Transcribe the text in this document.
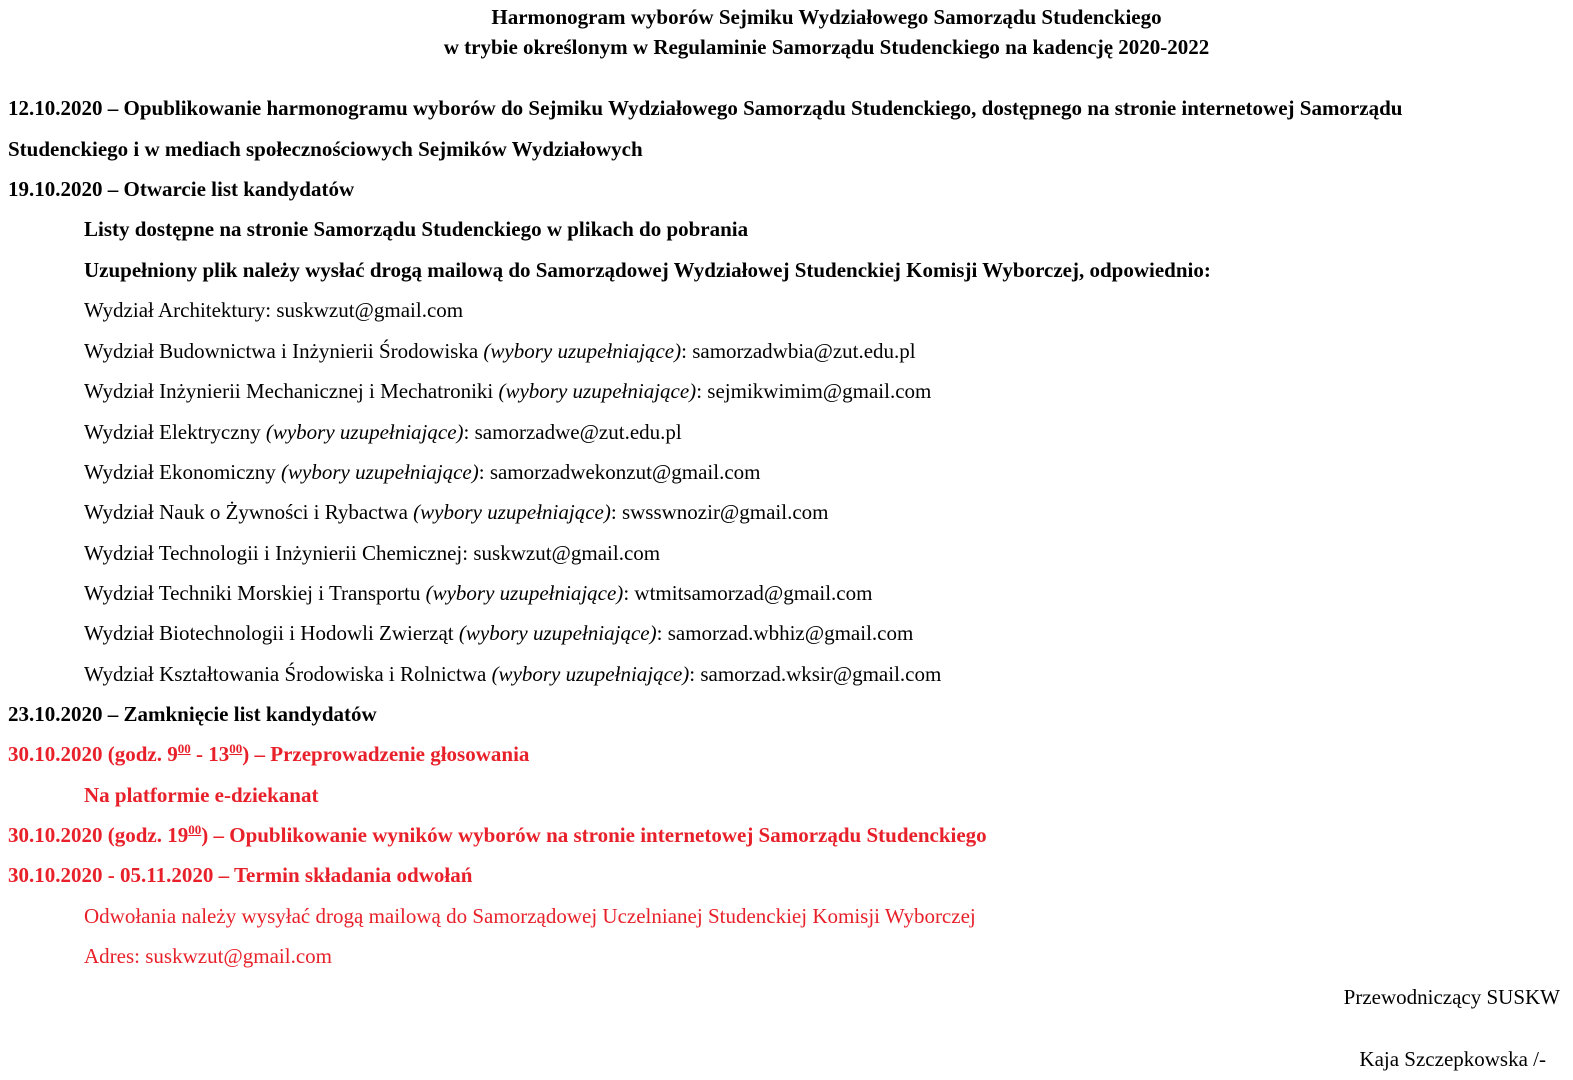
Harmonogram wyborów Sejmiku Wydziałowego Samorządu Studenckiego
w trybie określonym w Regulaminie Samorządu Studenckiego na kadencję 2020-2022
12.10.2020 – Opublikowanie harmonogramu wyborów do Sejmiku Wydziałowego Samorządu Studenckiego, dostępnego na stronie internetowej Samorządu
Studenckiego i w mediach społecznościowych Sejmików Wydziałowych
19.10.2020 – Otwarcie list kandydatów
Listy dostępne na stronie Samorządu Studenckiego w plikach do pobrania
Uzupełniony plik należy wysłać drogą mailową do Samorządowej Wydziałowej Studenckiej Komisji Wyborczej, odpowiednio:
Wydział Architektury: suskwzut@gmail.com
Wydział Budownictwa i Inżynierii Środowiska (wybory uzupełniające): samorzadwbia@zut.edu.pl
Wydział Inżynierii Mechanicznej i Mechatroniki (wybory uzupełniające): sejmikwimim@gmail.com
Wydział Elektryczny (wybory uzupełniające): samorzadwe@zut.edu.pl
Wydział Ekonomiczny (wybory uzupełniające): samorzadwekonzut@gmail.com
Wydział Nauk o Żywności i Rybactwa (wybory uzupełniające): swsswnozir@gmail.com
Wydział Technologii i Inżynierii Chemicznej: suskwzut@gmail.com
Wydział Techniki Morskiej i Transportu (wybory uzupełniające): wtmitsamorzad@gmail.com
Wydział Biotechnologii i Hodowli Zwierząt (wybory uzupełniające): samorzad.wbhiz@gmail.com
Wydział Kształtowania Środowiska i Rolnictwa (wybory uzupełniające): samorzad.wksir@gmail.com
23.10.2020 – Zamknięcie list kandydatów
30.10.2020 (godz. $9^{00} - 13^{00}$) – Przeprowadzenie głosowania
Na platformie e-dziekanat
30.10.2020 (godz. $19^{00}$) – Opublikowanie wyników wyborów na stronie internetowej Samorządu Studenckiego
30.10.2020 - 05.11.2020 – Termin składania odwołań
Odwołania należy wysyłać drogą mailową do Samorządowej Uczelnianej Studenckiej Komisji Wyborczej
Adres: suskwzut@gmail.com
Przewodniczący SUSKW
Kaja Szczepkowska /-
